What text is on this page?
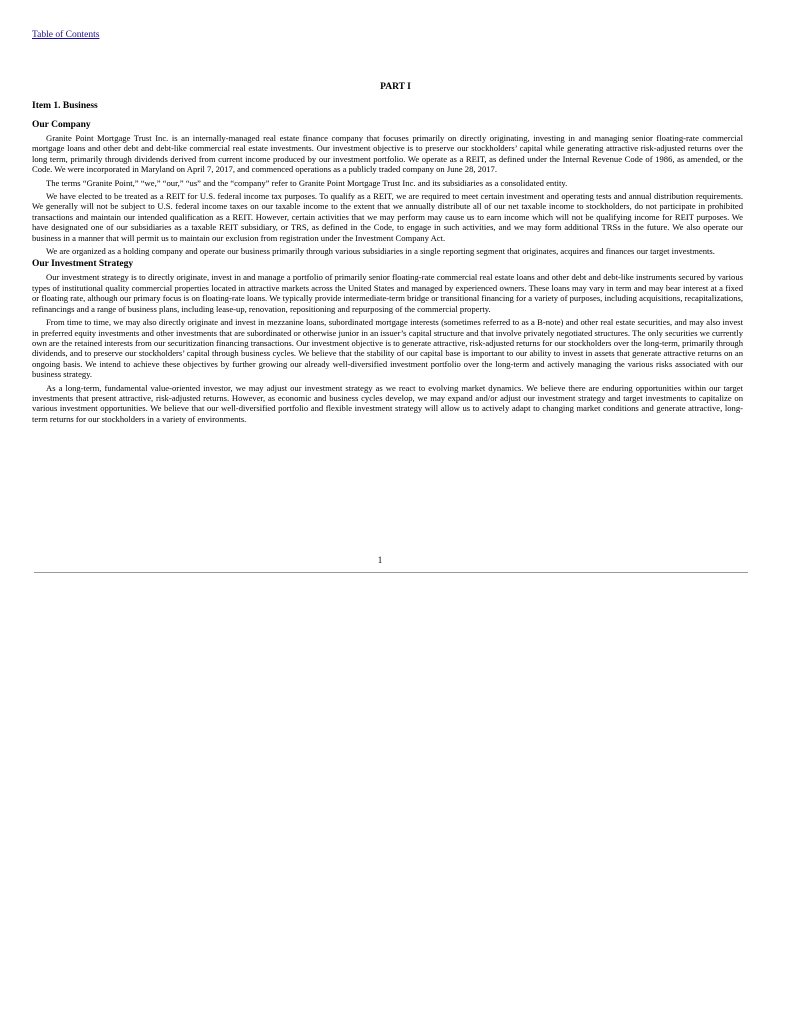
Table of Contents
PART I
Item 1. Business
Our Company

Granite Point Mortgage Trust Inc. is an internally-managed real estate finance company that focuses primarily on directly originating, investing in and managing senior floating-rate commercial mortgage loans and other debt and debt-like commercial real estate investments. Our investment objective is to preserve our stockholders’ capital while generating attractive risk-adjusted returns over the long term, primarily through dividends derived from current income produced by our investment portfolio. We operate as a REIT, as defined under the Internal Revenue Code of 1986, as amended, or the Code. We were incorporated in Maryland on April 7, 2017, and commenced operations as a publicly traded company on June 28, 2017.

The terms “Granite Point,” “we,” “our,” “us” and the “company” refer to Granite Point Mortgage Trust Inc. and its subsidiaries as a consolidated entity.

We have elected to be treated as a REIT for U.S. federal income tax purposes. To qualify as a REIT, we are required to meet certain investment and operating tests and annual distribution requirements. We generally will not be subject to U.S. federal income taxes on our taxable income to the extent that we annually distribute all of our net taxable income to stockholders, do not participate in prohibited transactions and maintain our intended qualification as a REIT. However, certain activities that we may perform may cause us to earn income which will not be qualifying income for REIT purposes. We have designated one of our subsidiaries as a taxable REIT subsidiary, or TRS, as defined in the Code, to engage in such activities, and we may form additional TRSs in the future. We also operate our business in a manner that will permit us to maintain our exclusion from registration under the Investment Company Act.

We are organized as a holding company and operate our business primarily through various subsidiaries in a single reporting segment that originates, acquires and finances our target investments.

Our Investment Strategy

Our investment strategy is to directly originate, invest in and manage a portfolio of primarily senior floating-rate commercial real estate loans and other debt and debt-like instruments secured by various types of institutional quality commercial properties located in attractive markets across the United States and managed by experienced owners. These loans may vary in term and may bear interest at a fixed or floating rate, although our primary focus is on floating-rate loans. We typically provide intermediate-term bridge or transitional financing for a variety of purposes, including acquisitions, recapitalizations, refinancings and a range of business plans, including lease-up, renovation, repositioning and repurposing of the commercial property.

From time to time, we may also directly originate and invest in mezzanine loans, subordinated mortgage interests (sometimes referred to as a B-note) and other real estate securities, and may also invest in preferred equity investments and other investments that are subordinated or otherwise junior in an issuer’s capital structure and that involve privately negotiated structures. The only securities we currently own are the retained interests from our securitization financing transactions. Our investment objective is to generate attractive, risk-adjusted returns for our stockholders over the long-term, primarily through dividends, and to preserve our stockholders’ capital through business cycles. We believe that the stability of our capital base is important to our ability to invest in assets that generate attractive returns on an ongoing basis. We intend to achieve these objectives by further growing our already well-diversified investment portfolio over the long-term and actively managing the various risks associated with our business strategy.

As a long-term, fundamental value-oriented investor, we may adjust our investment strategy as we react to evolving market dynamics. We believe there are enduring opportunities within our target investments that present attractive, risk-adjusted returns. However, as economic and business cycles develop, we may expand and/or adjust our investment strategy and target investments to capitalize on various investment opportunities. We believe that our well-diversified portfolio and flexible investment strategy will allow us to actively adapt to changing market conditions and generate attractive, long-term returns for our stockholders in a variety of environments.

1
